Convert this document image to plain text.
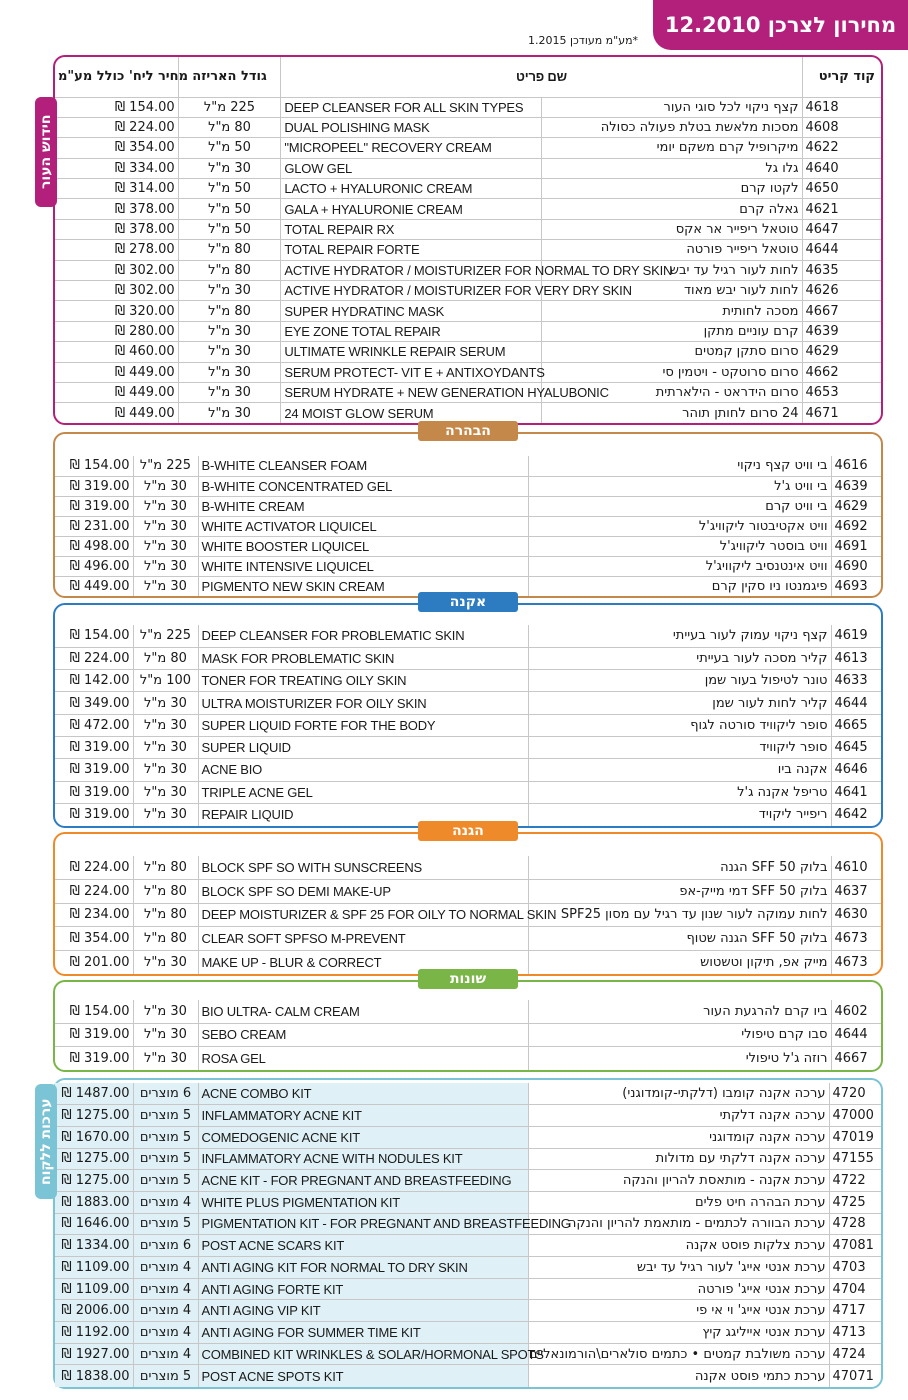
מחירון לצרכן 12.2010
*מע"מ מעודכן 1.2015
חידוש העור
מחיר ליח' כולל מע"מ	גודל האריזה	שם פריט		קוד קריט
₪ 154.00	225 מ"ל	DEEP CLEANSER FOR ALL SKIN TYPES	קצף ניקוי לכל סוגי העור	4618
₪ 224.00	80 מ"ל	DUAL POLISHING MASK	מסכות מלאשת בטלת פעולה כסולה	4608
₪ 354.00	50 מ"ל	"MICROPEEL" RECOVERY CREAM	מיקרופיל קרם משקם יומי	4622
₪ 334.00	30 מ"ל	GLOW GEL	גלו גל	4640
₪ 314.00	50 מ"ל	LACTO + HYALURONIC CREAM	לקטו קרם	4650
₪ 378.00	50 מ"ל	GALA + HYALURONIE CREAM	גאלה קרם	4621
₪ 378.00	50 מ"ל	TOTAL REPAIR RX	טוטאל ריפייר אר אקס	4647
₪ 278.00	80 מ"ל	TOTAL REPAIR FORTE	טוטאל ריפייר פורטה	4644
₪ 302.00	80 מ"ל	ACTIVE HYDRATOR / MOISTURIZER FOR NORMAL TO DRY SKIN	לחות לעור רגיל עד יבש	4635
₪ 302.00	30 מ"ל	ACTIVE HYDRATOR / MOISTURIZER FOR VERY DRY SKIN	לחות לעור יבש מאוד	4626
₪ 320.00	80 מ"ל	SUPER HYDRATINC MASK	מסכה לחותית	4667
₪ 280.00	30 מ"ל	EYE ZONE TOTAL REPAIR	קרם עוניים מתקן	4639
₪ 460.00	30 מ"ל	ULTIMATE WRINKLE REPAIR SERUM	סרום סתקן קמטים	4629
₪ 449.00	30 מ"ל	SERUM PROTECT- VIT E + ANTIXOYDANTS	סרום סרוטקט - ויטמין סי	4662
₪ 449.00	30 מ"ל	SERUM HYDRATE + NEW GENERATION HYALUBONIC	סרום הידראט - הילארתית	4653
₪ 449.00	30 מ"ל	24 MOIST GLOW SERUM	24 סרום לחותן תוהר	4671
הבהרה
₪ 154.00	225 מ"ל	B-WHITE CLEANSER FOAM	בי וויט קצף ניקוי	4616
₪ 319.00	30 מ"ל	B-WHITE CONCENTRATED GEL	בי וויט ג'ל	4639
₪ 319.00	30 מ"ל	B-WHITE CREAM	בי וויט קרם	4629
₪ 231.00	30 מ"ל	WHITE ACTIVATOR LIQUICEL	וויט אקטיבטור ליקוויג'ל	4692
₪ 498.00	30 מ"ל	WHITE BOOSTER LIQUICEL	וויט בוסטר ליקוויג'ל	4691
₪ 496.00	30 מ"ל	WHITE INTENSIVE LIQUICEL	וויט אינטנסיב ליקוויג'ל	4690
₪ 449.00	30 מ"ל	PIGMENTO NEW SKIN CREAM	פיגמנטו ניו סקין קרם	4693
אקנה
₪ 154.00	225 מ"ל	DEEP CLEANSER FOR PROBLEMATIC SKIN	קצף ניקוי עמוק לעור בעייתי	4619
₪ 224.00	80 מ"ל	MASK FOR PROBLEMATIC SKIN	קליר מסכה לעור בעייתי	4613
₪ 142.00	100 מ"ל	TONER FOR TREATING OILY SKIN	טונר לטיפול בעור שמן	4633
₪ 349.00	30 מ"ל	ULTRA MOISTURIZER FOR OILY SKIN	קליר לחות לעור שמן	4644
₪ 472.00	30 מ"ל	SUPER LIQUID FORTE FOR THE BODY	סופר ליקוויד סורטה לגוף	4665
₪ 319.00	30 מ"ל	SUPER LIQUID	סופר ליקוויד	4645
₪ 319.00	30 מ"ל	ACNE BIO	אקנה ביו	4646
₪ 319.00	30 מ"ל	TRIPLE ACNE GEL	טריפל אקנה ג'ל	4641
₪ 319.00	30 מ"ל	REPAIR LIQUID	ריפייר ליקויד	4642
הגנה
₪ 224.00	80 מ"ל	BLOCK SPF SO WITH SUNSCREENS	בלוק SFF 50 הגנה	4610
₪ 224.00	80 מ"ל	BLOCK SPF SO DEMI MAKE-UP	בלוק SFF 50 דמי מייק-אפ	4637
₪ 234.00	80 מ"ל	DEEP MOISTURIZER & SPF 25 FOR OILY TO NORMAL SKIN	לחות עמוקה לעור שנון עד רגיל עם מסון SPF25	4630
₪ 354.00	80 מ"ל	CLEAR SOFT SPFSO M-PREVENT	בלוק SFF 50 הגנה שטוף	4673
₪ 201.00	30 מ"ל	MAKE UP - BLUR & CORRECT	מייק אפ, תיקון וטשטוש	4673
שונות
₪ 154.00	30 מ"ל	BIO ULTRA- CALM CREAM	ביו קרם להרגעת העור	4602
₪ 319.00	30 מ"ל	SEBO CREAM	סבו קרם טיפולי	4644
₪ 319.00	30 מ"ל	ROSA GEL	רוזה ג'ל טיפולי	4667
ערכות ללקוח
₪ 1487.00	6 מוצרים	ACNE COMBO KIT	ערכה אקנה קומבו (דלקתי-קומדוגני)	4720
₪ 1275.00	5 מוצרים	INFLAMMATORY ACNE KIT	ערכה אקנה דלקתי	47000
₪ 1670.00	5 מוצרים	COMEDOGENIC ACNE KIT	ערכה אקנה קומדוגני	47019
₪ 1275.00	5 מוצרים	INFLAMMATORY ACNE WITH NODULES KIT	ערכה אקנה דלקתי עם מדולות	47155
₪ 1275.00	5 מוצרים	ACNE KIT - FOR PREGNANT AND BREASTFEEDING	ערכת אקנה - מותאסת להריון והנקה	4722
₪ 1883.00	4 מוצרים	WHITE PLUS PIGMENTATION KIT	ערכת הבהרה חיט פלים	4725
₪ 1646.00	5 מוצרים	PIGMENTATION KIT - FOR PREGNANT AND BREASTFEEDING	ערכת הבוורה לכתמים - מותאמת להריון והנקה	4728
₪ 1334.00	6 מוצרים	POST ACNE SCARS KIT	ערכת צלקות פוסט אקנה	47081
₪ 1109.00	4 מוצרים	ANTI AGING KIT FOR NORMAL TO DRY SKIN	ערכת אנטי אייג' לעור רגיל עד יבש	4703
₪ 1109.00	4 מוצרים	ANTI AGING FORTE KIT	ערכת אנטי אייג' פורטה	4704
₪ 2006.00	4 מוצרים	ANTI AGING VIP KIT	ערכת אנטי אייג' וי אי פי	4717
₪ 1192.00	4 מוצרים	ANTI AGING FOR SUMMER TIME KIT	ערכת אנטי אייליגג קיץ	4713
₪ 1927.00	4 מוצרים	COMBINED KIT WRINKLES & SOLAR/HORMONAL SPOTS	ערכה משולבת קמטים • כתמים סולארים\הורמונאליים	4724
₪ 1838.00	5 מוצרים	POST ACNE SPOTS KIT	ערכת כתמי פוסט אקנה	47071
